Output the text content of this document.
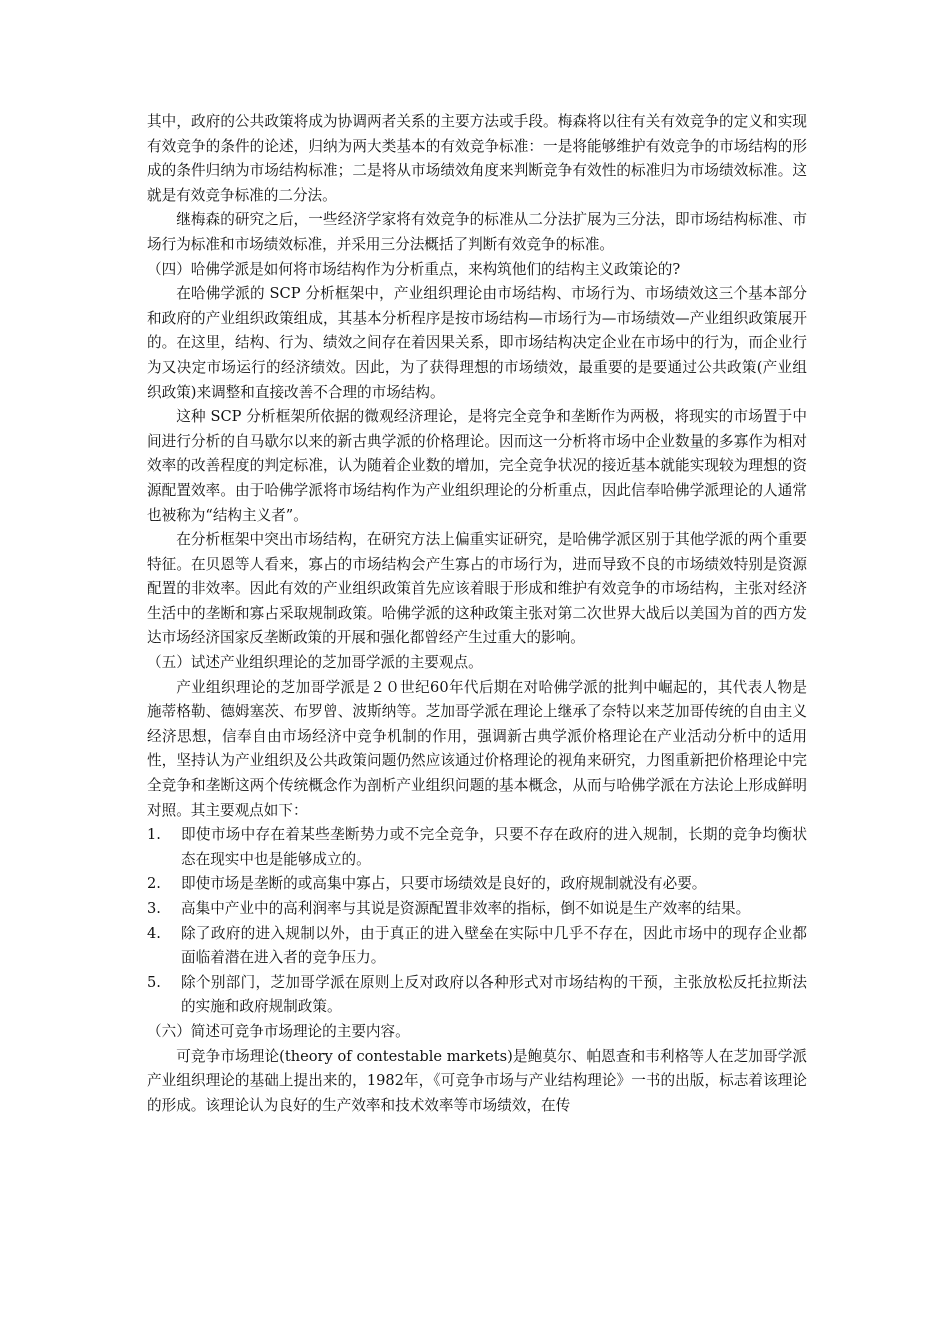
其中，政府的公共政策将成为协调两者关系的主要方法或手段。梅森将以往有关有效竞争的定义和实现有效竞争的条件的论述，归纳为两大类基本的有效竞争标准：一是将能够维护有效竞争的市场结构的形成的条件归纳为市场结构标准；二是将从市场绩效角度来判断竞争有效性的标准归为市场绩效标准。这就是有效竞争标准的二分法。

继梅森的研究之后，一些经济学家将有效竞争的标准从二分法扩展为三分法，即市场结构标准、市场行为标准和市场绩效标准，并采用三分法概括了判断有效竞争的标准。

（四）哈佛学派是如何将市场结构作为分析重点，来构筑他们的结构主义政策论的?

在哈佛学派的 SCP 分析框架中，产业组织理论由市场结构、市场行为、市场绩效这三个基本部分和政府的产业组织政策组成，其基本分析程序是按市场结构—市场行为—市场绩效—产业组织政策展开的。在这里，结构、行为、绩效之间存在着因果关系，即市场结构决定企业在市场中的行为，而企业行为又决定市场运行的经济绩效。因此，为了获得理想的市场绩效，最重要的是要通过公共政策(产业组织政策)来调整和直接改善不合理的市场结构。

这种 SCP 分析框架所依据的微观经济理论，是将完全竞争和垄断作为两极，将现实的市场置于中间进行分析的自马歇尔以来的新古典学派的价格理论。因而这一分析将市场中企业数量的多寡作为相对效率的改善程度的判定标准，认为随着企业数的增加，完全竞争状况的接近基本就能实现较为理想的资源配置效率。由于哈佛学派将市场结构作为产业组织理论的分析重点，因此信奉哈佛学派理论的人通常也被称为“结构主义者”。

在分析框架中突出市场结构，在研究方法上偏重实证研究，是哈佛学派区别于其他学派的两个重要特征。在贝恩等人看来，寡占的市场结构会产生寡占的市场行为，进而导致不良的市场绩效特别是资源配置的非效率。因此有效的产业组织政策首先应该着眼于形成和维护有效竞争的市场结构，主张对经济生活中的垄断和寡占采取规制政策。哈佛学派的这种政策主张对第二次世界大战后以美国为首的西方发达市场经济国家反垄断政策的开展和强化都曾经产生过重大的影响。

（五）试述产业组织理论的芝加哥学派的主要观点。

产业组织理论的芝加哥学派是２０世纪60年代后期在对哈佛学派的批判中崛起的，其代表人物是施蒂格勒、德姆塞茨、布罗曾、波斯纳等。芝加哥学派在理论上继承了奈特以来芝加哥传统的自由主义经济思想，信奉自由市场经济中竞争机制的作用，强调新古典学派价格理论在产业活动分析中的适用性，坚持认为产业组织及公共政策问题仍然应该通过价格理论的视角来研究，力图重新把价格理论中完全竞争和垄断这两个传统概念作为剖析产业组织问题的基本概念，从而与哈佛学派在方法论上形成鲜明对照。其主要观点如下：

1.	即使市场中存在着某些垄断势力或不完全竞争，只要不存在政府的进入规制，长期的竞争均衡状态在现实中也是能够成立的。
2.	即使市场是垄断的或高集中寡占，只要市场绩效是良好的，政府规制就没有必要。
3.	高集中产业中的高利润率与其说是资源配置非效率的指标，倒不如说是生产效率的结果。
4.	除了政府的进入规制以外，由于真正的进入壁垒在实际中几乎不存在，因此市场中的现存企业都面临着潜在进入者的竞争压力。
5.	除个别部门，芝加哥学派在原则上反对政府以各种形式对市场结构的干预，主张放松反托拉斯法的实施和政府规制政策。

（六）简述可竞争市场理论的主要内容。

可竞争市场理论(theory of contestable markets)是鲍莫尔、帕恩查和韦利格等人在芝加哥学派产业组织理论的基础上提出来的，1982年，《可竞争市场与产业结构理论》一书的出版，标志着该理论的形成。该理论认为良好的生产效率和技术效率等市场绩效，在传
